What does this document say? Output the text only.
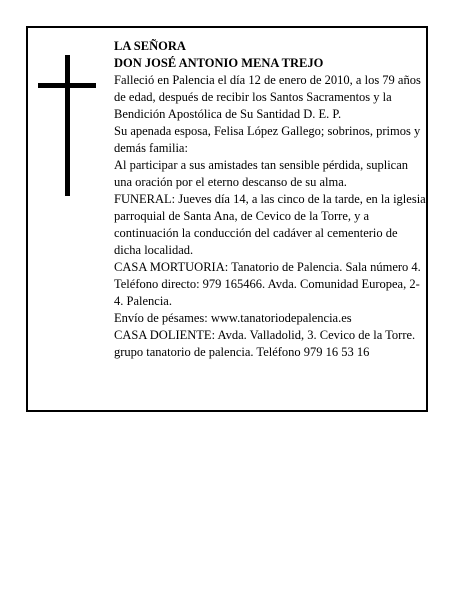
LA SEÑORA

DON JOSÉ ANTONIO MENA TREJO

Falleció en Palencia el día 12 de enero de 2010, a los 79 años de edad, después de recibir los Santos Sacramentos y la Bendición Apostólica de Su Santidad D. E. P.

Su apenada esposa, Felisa López Gallego; sobrinos, primos y demás familia:

Al participar a sus amistades tan sensible pérdida, suplican una oración por el eterno descanso de su alma.

FUNERAL: Jueves día 14, a las cinco de la tarde, en la iglesia parroquial de Santa Ana, de Cevico de la Torre, y a continuación la conducción del cadáver al cementerio de dicha localidad.

CASA MORTUORIA: Tanatorio de Palencia. Sala número 4. Teléfono directo: 979 165466. Avda. Comunidad Europea, 2-4. Palencia.

Envío de pésames: www.tanatoriodepalencia.es

CASA DOLIENTE: Avda. Valladolid, 3. Cevico de la Torre.

grupo tanatorio de palencia. Teléfono 979 16 53 16
